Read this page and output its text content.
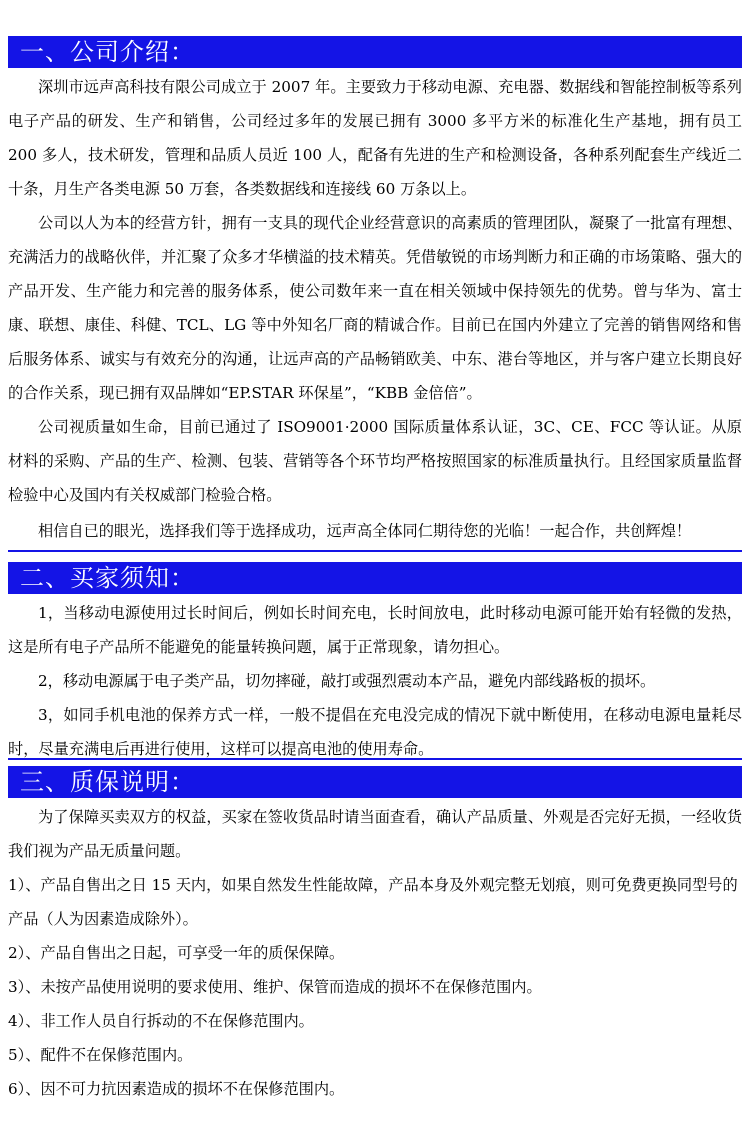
一、公司介绍：

深圳市远声高科技有限公司成立于 2007 年。主要致力于移动电源、充电器、数据线和智能控制板等系列电子产品的研发、生产和销售，公司经过多年的发展已拥有 3000 多平方米的标准化生产基地，拥有员工 200 多人，技术研发，管理和品质人员近 100 人，配备有先进的生产和检测设备，各种系列配套生产线近二十条，月生产各类电源 50 万套，各类数据线和连接线 60 万条以上。

公司以人为本的经营方针，拥有一支具的现代企业经营意识的高素质的管理团队，凝聚了一批富有理想、充满活力的战略伙伴，并汇聚了众多才华横溢的技术精英。凭借敏锐的市场判断力和正确的市场策略、强大的产品开发、生产能力和完善的服务体系，使公司数年来一直在相关领域中保持领先的优势。曾与华为、富士康、联想、康佳、科健、TCL、LG 等中外知名厂商的精诚合作。目前已在国内外建立了完善的销售网络和售后服务体系、诚实与有效充分的沟通，让远声高的产品畅销欧美、中东、港台等地区，并与客户建立长期良好的合作关系，现已拥有双品牌如“EP.STAR 环保星”，“KBB 金倍倍”。

公司视质量如生命，目前已通过了 ISO9001·2000 国际质量体系认证，3C、CE、FCC 等认证。从原材料的采购、产品的生产、检测、包装、营销等各个环节均严格按照国家的标准质量执行。且经国家质量监督检验中心及国内有关权威部门检验合格。

相信自已的眼光，选择我们等于选择成功，远声高全体同仁期待您的光临！一起合作，共创辉煌！

二、买家须知：

1，当移动电源使用过长时间后，例如长时间充电，长时间放电，此时移动电源可能开始有轻微的发热，这是所有电子产品所不能避免的能量转换问题，属于正常现象，请勿担心。

2，移动电源属于电子类产品，切勿摔碰，敲打或强烈震动本产品，避免内部线路板的损坏。

3，如同手机电池的保养方式一样，一般不提倡在充电没完成的情况下就中断使用，在移动电源电量耗尽时，尽量充满电后再进行使用，这样可以提高电池的使用寿命。

三、质保说明：

为了保障买卖双方的权益，买家在签收货品时请当面查看，确认产品质量、外观是否完好无损，一经收货我们视为产品无质量问题。

1）、产品自售出之日 15 天内，如果自然发生性能故障，产品本身及外观完整无划痕，则可免费更换同型号的产品（人为因素造成除外）。

2）、产品自售出之日起，可享受一年的质保保障。

3）、未按产品使用说明的要求使用、维护、保管而造成的损坏不在保修范围内。

4）、非工作人员自行拆动的不在保修范围内。

5）、配件不在保修范围内。

6）、因不可力抗因素造成的损坏不在保修范围内。
